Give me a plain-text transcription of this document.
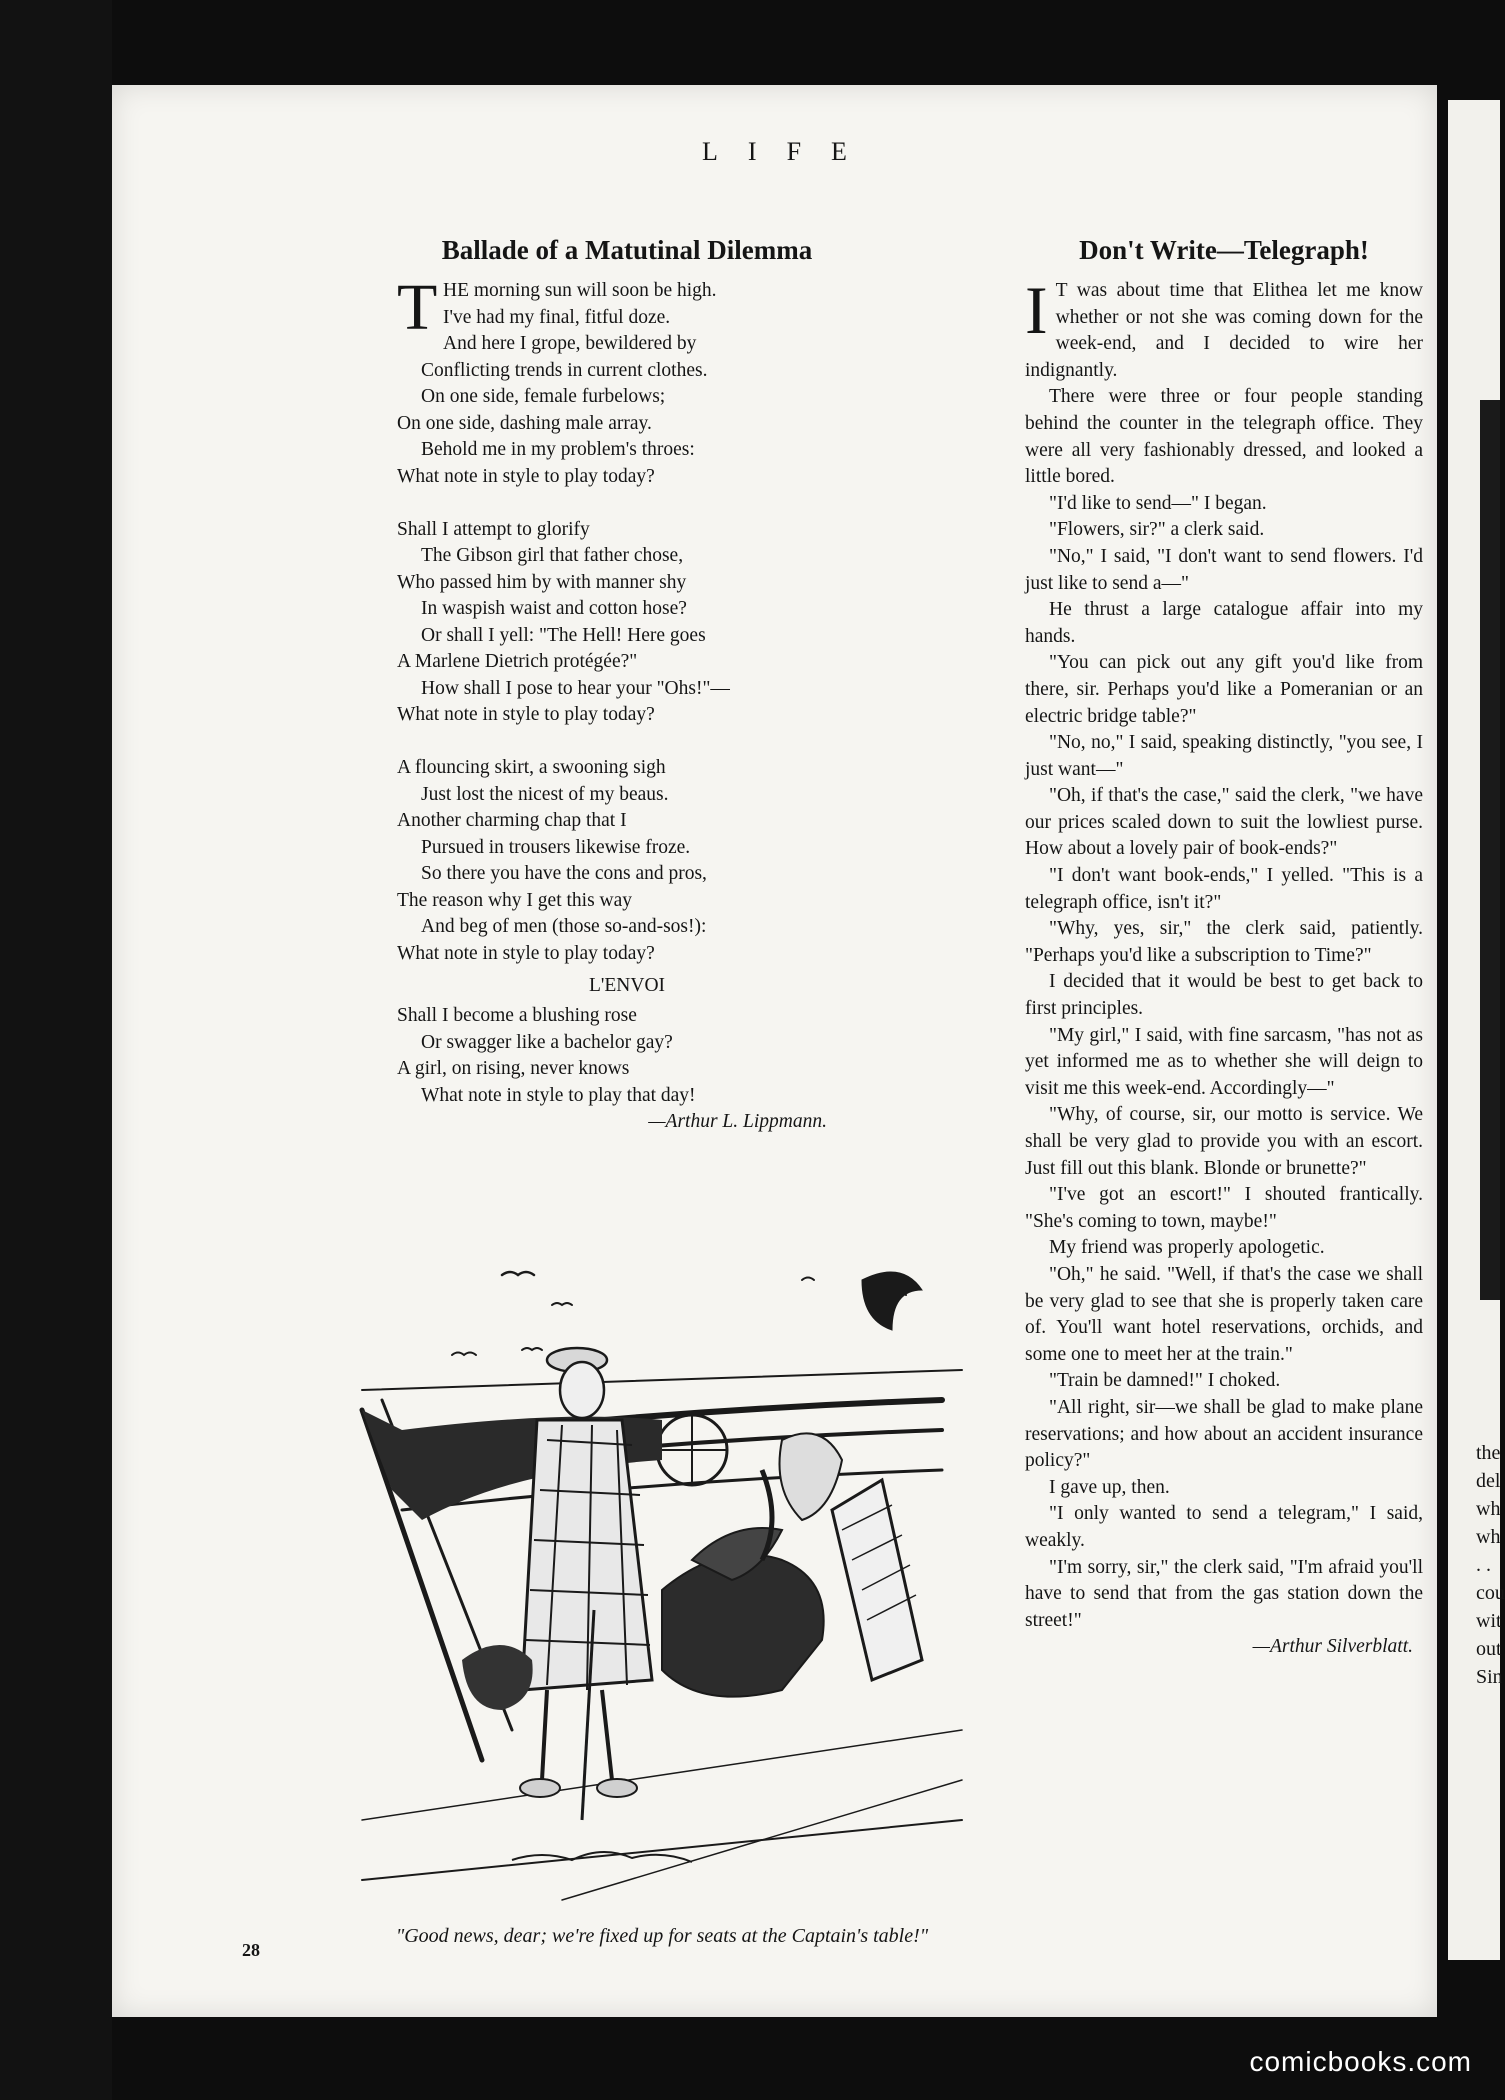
the
del
wh
wh
. .
cou
wit
out
Sin
LIFE
Ballade of a Matutinal Dilemma
T HE morning sun will soon be high.
I've had my final, fitful doze.
And here I grope, bewildered by
Conflicting trends in current clothes.
On one side, female furbelows;
On one side, dashing male array.
Behold me in my problem's throes:
What note in style to play today?
Shall I attempt to glorify
The Gibson girl that father chose,
Who passed him by with manner shy
In waspish waist and cotton hose?
Or shall I yell: "The Hell! Here goes
A Marlene Dietrich protégée?"
How shall I pose to hear your "Ohs!"—
What note in style to play today?
A flouncing skirt, a swooning sigh
Just lost the nicest of my beaus.
Another charming chap that I
Pursued in trousers likewise froze.
So there you have the cons and pros,
The reason why I get this way
And beg of men (those so-and-sos!):
What note in style to play today?
L'ENVOI
Shall I become a blushing rose
Or swagger like a bachelor gay?
A girl, on rising, never knows
What note in style to play that day!
—Arthur L. Lippmann.
"Good news, dear; we're fixed up for seats at the Captain's table!"
Don't Write—Telegraph!

I T was about time that Elithea let me know whether or not she was coming down for the week-end, and I decided to wire her indignantly.

There were three or four people standing behind the counter in the telegraph office. They were all very fashionably dressed, and looked a little bored.

"I'd like to send—" I began.

"Flowers, sir?" a clerk said.

"No," I said, "I don't want to send flowers. I'd just like to send a—"

He thrust a large catalogue affair into my hands.

"You can pick out any gift you'd like from there, sir. Perhaps you'd like a Pomeranian or an electric bridge table?"

"No, no," I said, speaking distinctly, "you see, I just want—"

"Oh, if that's the case," said the clerk, "we have our prices scaled down to suit the lowliest purse. How about a lovely pair of book-ends?"

"I don't want book-ends," I yelled. "This is a telegraph office, isn't it?"

"Why, yes, sir," the clerk said, patiently. "Perhaps you'd like a subscription to Time?"

I decided that it would be best to get back to first principles.

"My girl," I said, with fine sarcasm, "has not as yet informed me as to whether she will deign to visit me this week-end. Accordingly—"

"Why, of course, sir, our motto is service. We shall be very glad to provide you with an escort. Just fill out this blank. Blonde or brunette?"

"I've got an escort!" I shouted frantically. "She's coming to town, maybe!"

My friend was properly apologetic.

"Oh," he said. "Well, if that's the case we shall be very glad to see that she is properly taken care of. You'll want hotel reservations, orchids, and some one to meet her at the train."

"Train be damned!" I choked.

"All right, sir—we shall be glad to make plane reservations; and how about an accident insurance policy?"

I gave up, then.

"I only wanted to send a telegram," I said, weakly.

"I'm sorry, sir," the clerk said, "I'm afraid you'll have to send that from the gas station down the street!"

—Arthur Silverblatt.

28
comicbooks.com
